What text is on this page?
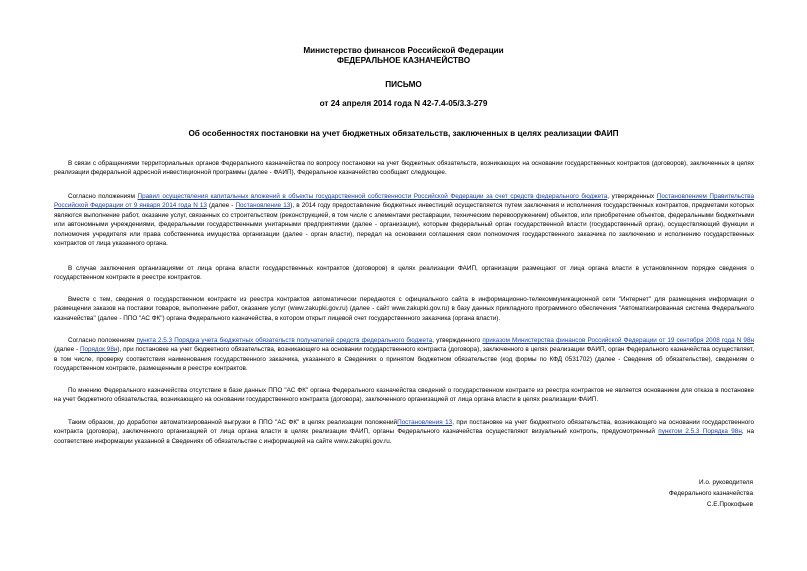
Министерство финансов Российской Федерации
ФЕДЕРАЛЬНОЕ КАЗНАЧЕЙСТВО
ПИСЬМО
от 24 апреля 2014 года N 42-7.4-05/3.3-279
Об особенностях постановки на учет бюджетных обязательств, заключенных в целях реализации ФАИП
В связи с обращениями территориальных органов Федерального казначейства по вопросу постановки на учет бюджетных обязательств, возникающих на основании государственных контрактов (договоров), заключенных в целях реализации федеральной адресной инвестиционной программы (далее - ФАИП), Федеральное казначейство сообщает следующее.
Согласно положениям Правил осуществления капитальных вложений в объекты государственной собственности Российской Федерации за счет средств федерального бюджета, утвержденных Постановлением Правительства Российской Федерации от 9 января 2014 года N 13 (далее - Постановление 13), в 2014 году предоставление бюджетных инвестиций осуществляется путем заключения и исполнения государственных контрактов, предметами которых являются выполнение работ, оказание услуг, связанных со строительством (реконструкцией, в том числе с элементами реставрации, техническим перевооружением) объектов, или приобретение объектов, федеральными бюджетными или автономными учреждениями, федеральными государственными унитарными предприятиями (далее - организации), которым федеральный орган государственной власти (государственный орган), осуществляющий функции и полномочия учредителя или права собственника имущества организации (далее - орган власти), передал на основании соглашения свои полномочия государственного заказчика по заключению и исполнению государственных контрактов от лица указанного органа.
В случае заключения организациями от лица органа власти государственных контрактов (договоров) в целях реализации ФАИП, организации размещают от лица органа власти в установленном порядке сведения о государственном контракте в реестре контрактов.
Вместе с тем, сведения о государственном контракте из реестра контрактов автоматически передаются с официального сайта в информационно-телекоммуникационной сети "Интернет" для размещения информации о размещении заказов на поставки товаров, выполнение работ, оказание услуг (www.zakupki.gov.ru) (далее - сайт www.zakupki.gov.ru) в базу данных прикладного программного обеспечения "Автоматизированная система Федерального казначейства" (далее - ППО "АС ФК") органа Федерального казначейства, в котором открыт лицевой счет государственного заказчика (органа власти).
Согласно положениям пункта 2.5.3 Порядка учета бюджетных обязательств получателей средств федерального бюджета, утвержденного приказом Министерства финансов Российской Федерации от 19 сентября 2008 года N 98н (далее - Порядок 98н), при постановке на учет бюджетного обязательства, возникающего на основании государственного контракта (договора), заключенного в целях реализации ФАИП, орган Федерального казначейства осуществляет, в том числе, проверку соответствия наименования государственного заказчика, указанного в Сведениях о принятом бюджетном обязательстве (код формы по КФД 0531702) (далее - Сведения об обязательстве), сведениям о государственном контракте, размещенным в реестре контрактов.
По мнению Федерального казначейства отсутствие в базе данных ППО "АС ФК" органа Федерального казначейства сведений о государственном контракте из реестра контрактов не является основанием для отказа в постановке на учет бюджетного обязательства, возникающего на основании государственного контракта (договора), заключенного организацией от лица органа власти в целях реализации ФАИП.
Таким образом, до доработки автоматизированной выгрузки в ППО "АС ФК" в целях реализации положенийПостановления 13, при постановке на учет бюджетного обязательства, возникающего на основании государственного контракта (договора), заключенного организацией от лица органа власти в целях реализации ФАИП, органы Федерального казначейства осуществляют визуальный контроль, предусмотренный пунктом 2.5.3 Порядка 98н, на соответствие информации указанной в Сведениях об обязательстве с информацией на сайте www.zakupki.gov.ru.
И.о. руководителя
Федерального казначейства
С.Е.Прокофьев
